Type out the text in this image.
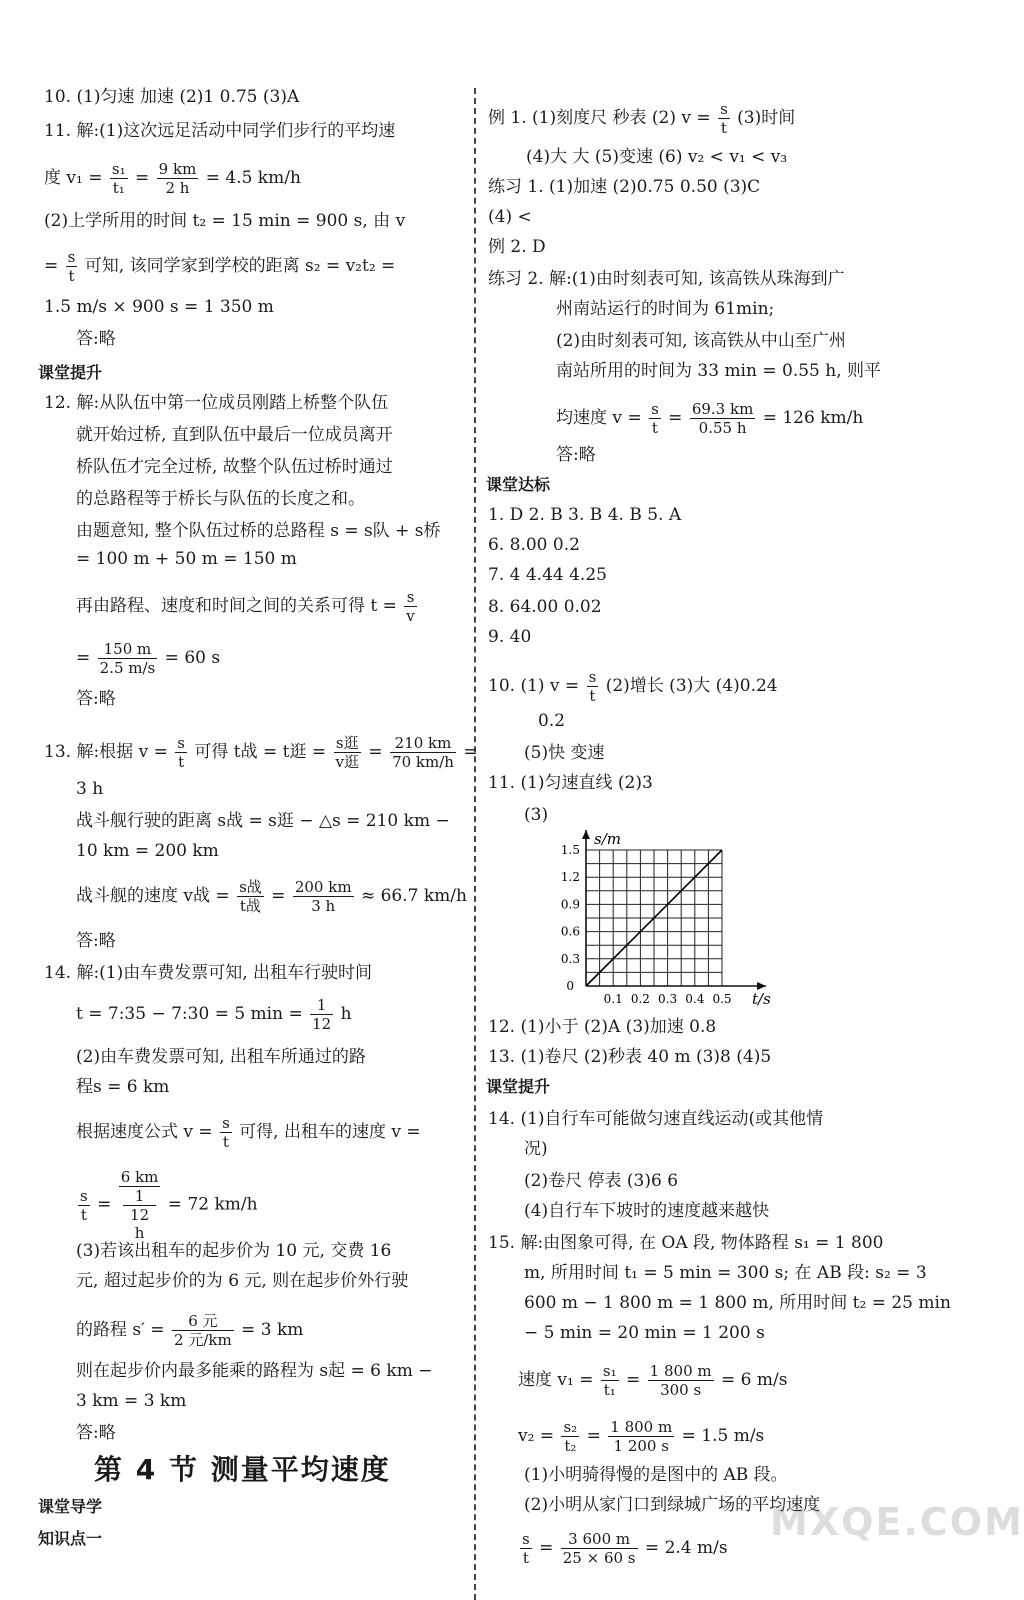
10. (1)匀速 加速 (2)1 0.75 (3)A
11. 解:(1)这次远足活动中同学们步行的平均速
度 $v_1 = \frac{\text{s₁}}{\text{t₁}} = \frac{9 km}{2 h} = 4.5$ km/h
(2)上学所用的时间 t₂ = 15 min = 900 s, 由 v
= $\frac{s}{t}$ 可知, 该同学家到学校的距离 s₂ = v₂t₂ =
1.5 m/s × 900 s = 1 350 m
答:略
课堂提升
12. 解:从队伍中第一位成员刚踏上桥整个队伍
就开始过桥, 直到队伍中最后一位成员离开
桥队伍才完全过桥, 故整个队伍过桥时通过
的总路程等于桥长与队伍的长度之和。
由题意知, 整个队伍过桥的总路程 s = s队 + s桥
= 100 m + 50 m = 150 m
再由路程、速度和时间之间的关系可得 $t = \frac{s}{v}$
= $\frac{150 m}{2.5 m/s} = 60$ s
答:略
13. 解:根据 $v = \frac{s}{t}$ 可得 t战 = t逛 = $\frac{\text{s逛}}{\text{v逛}} = \frac{210 km}{70 km/h}$ =
3 h
战斗舰行驶的距离 s战 = s逛 − △s = 210 km −
10 km = 200 km
战斗舰的速度 v战 = $\frac{\text{s战}}{\text{t战}} = \frac{200 km}{3 h} \approx 66.7$ km/h
答:略
14. 解:(1)由车费发票可知, 出租车行驶时间
t = 7:35 − 7:30 = 5 $\min = \frac{1}{12}$ h
(2)由车费发票可知, 出租车所通过的路
程s = 6 km
根据速度公式 $v = \frac{s}{t}$ 可得, 出租车的速度 v =
$\frac{s}{t} = 6$ km
1
12
h = 72 km/h
(3)若该出租车的起步价为 10 元, 交费 16
元, 超过起步价的为 6 元, 则在起步价外行驶
的路程 $s' = \frac{\text{6 元}}{\text{2 元/km}} = 3$ km
则在起步价内最多能乘的路程为 s起 = 6 km −
3 km = 3 km
答:略
第 4 节 测量平均速度
课堂导学
知识点一
例 1. (1)刻度尺 秒表 (2) $v = \frac{s}{t} (3)$时间
(4)大 大 (5)变速 (6) v₂ < v₁ < v₃
练习 1. (1)加速 (2)0.75 0.50 (3)C
(4) <
例 2. D
练习 2. 解:(1)由时刻表可知, 该高铁从珠海到广
州南站运行的时间为 61min;
(2)由时刻表可知, 该高铁从中山至广州
南站所用的时间为 33 min = 0.55 h, 则平
均速度 $v = \frac{s}{t} = \frac{69.3 km}{0.55 h} = 126$ km/h
答:略
课堂达标
1. D 2. B 3. B 4. B 5. A
6. 8.00 0.2
7. 4 4.44 4.25
8. 64.00 0.02
9. 40
10. (1) $v = \frac{s}{t} (2)$增长 (3)大 (4)0.24
0.2
(5)快 变速
11. (1)匀速直线 (2)3
(3)
0.3
0.6
0.9
1.2
1.5
0.1 0.2 0.3 0.4 0.5
0
s/m
t/s
12. (1)小于 (2)A (3)加速 0.8
13. (1)卷尺 (2)秒表 40 m (3)8 (4)5
课堂提升
14. (1)自行车可能做匀速直线运动(或其他情
况)
(2)卷尺 停表 (3)6 6
(4)自行车下坡时的速度越来越快
15. 解:由图象可得, 在 OA 段, 物体路程 s₁ = 1 800
m, 所用时间 t₁ = 5 min = 300 s; 在 AB 段: s₂ = 3
600 m − 1 800 m = 1 800 m, 所用时间 t₂ = 25 min
− 5 min = 20 min = 1 200 s
速度 $v_1 = \frac{\text{s₁}}{\text{t₁}} = \frac{1 800 m}{300 s} = 6$ m/s
$v_2 = \frac{\text{s₂}}{\text{t₂}} = \frac{1 800 m}{1 200 s} = 1.5$ m/s
(1)小明骑得慢的是图中的 AB 段。
(2)小明从家门口到绿城广场的平均速度
$\frac{s}{t} = \frac{3 600 m}{25 \times 60 s} = 2.4$ m/s
MXQE.COM
